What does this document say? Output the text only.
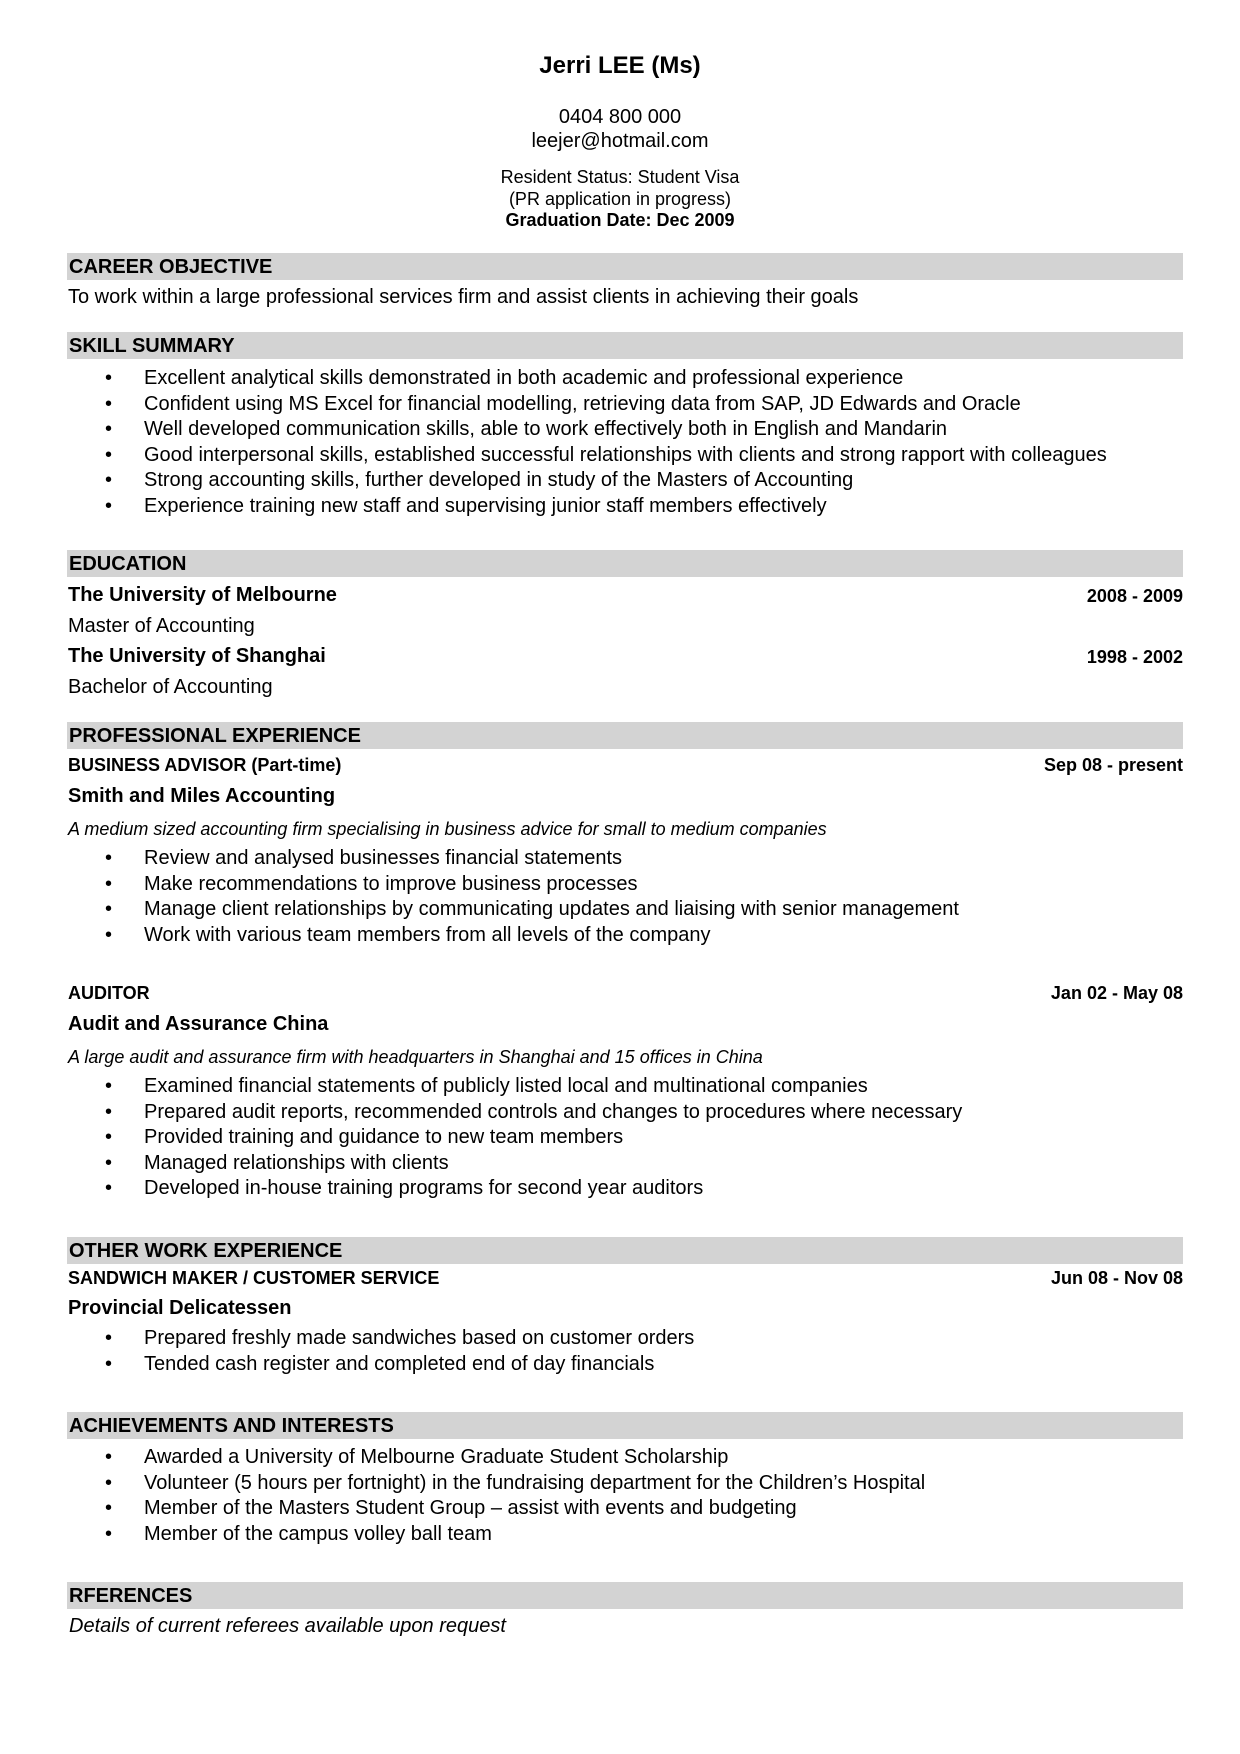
Jerri LEE (Ms)
0404 800 000
leejer@hotmail.com
Resident Status: Student Visa
(PR application in progress)
Graduation Date: Dec 2009
CAREER OBJECTIVE
To work within a large professional services firm and assist clients in achieving their goals
SKILL SUMMARY
• Excellent analytical skills demonstrated in both academic and professional experience
• Confident using MS Excel for financial modelling, retrieving data from SAP, JD Edwards and Oracle
• Well developed communication skills, able to work effectively both in English and Mandarin
• Good interpersonal skills, established successful relationships with clients and strong rapport with colleagues
• Strong accounting skills, further developed in study of the Masters of Accounting
• Experience training new staff and supervising junior staff members effectively
EDUCATION
The University of Melbourne	2008 - 2009
Master of Accounting
The University of Shanghai	1998 - 2002
Bachelor of Accounting
PROFESSIONAL EXPERIENCE
BUSINESS ADVISOR (Part-time)	Sep 08 - present
Smith and Miles Accounting
A medium sized accounting firm specialising in business advice for small to medium companies
• Review and analysed businesses financial statements
• Make recommendations to improve business processes
• Manage client relationships by communicating updates and liaising with senior management
• Work with various team members from all levels of the company
AUDITOR	Jan 02 - May 08
Audit and Assurance China
A large audit and assurance firm with headquarters in Shanghai and 15 offices in China
• Examined financial statements of publicly listed local and multinational companies
• Prepared audit reports, recommended controls and changes to procedures where necessary
• Provided training and guidance to new team members
• Managed relationships with clients
• Developed in-house training programs for second year auditors
OTHER WORK EXPERIENCE
SANDWICH MAKER / CUSTOMER SERVICE	Jun 08 - Nov 08
Provincial Delicatessen
• Prepared freshly made sandwiches based on customer orders
• Tended cash register and completed end of day financials
ACHIEVEMENTS AND INTERESTS
• Awarded a University of Melbourne Graduate Student Scholarship
• Volunteer (5 hours per fortnight) in the fundraising department for the Children’s Hospital
• Member of the Masters Student Group – assist with events and budgeting
• Member of the campus volley ball team
RFERENCES
Details of current referees available upon request
